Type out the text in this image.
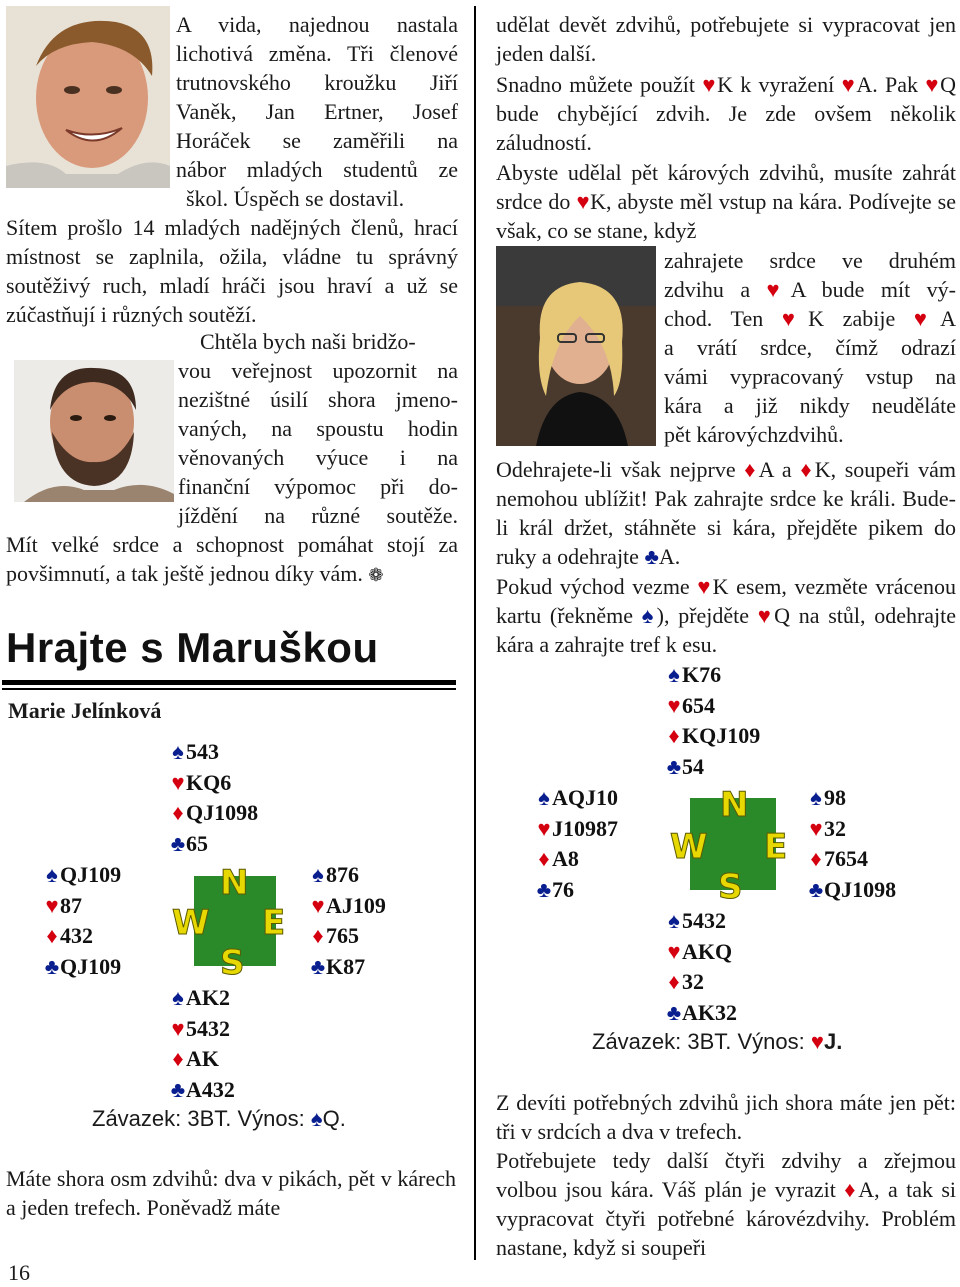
A vida, najednou nastala
lichotivá změna. Tři členové
trutnovského kroužku Jiří
Vaněk, Jan Ertner, Josef
Horáček se zaměřili na
nábor mladých studentů ze
škol. Úspěch se dostavil.

Sítem prošlo 14 mladých nadějných členů, hrací místnost se zaplnila, ožila, vládne tu správný soutěživý ruch, mladí hráči jsou hraví a už se zúčastňují i různých soutěží.

Chtěla bych naši bridžo-
vou veřejnost upozornit na
nezištné úsilí shora jmeno-
vaných, na spoustu hodin
věnovaných výuce i na
finanční výpomoc při do-
jíždění na různé soutěže.

Mít velké srdce a schopnost pomáhat stojí za povšimnutí, a tak ještě jednou díky vám. ❁

Hrajte s Maruškou
Marie Jelínková
♠543
♥KQ6
♦ QJ1098
♣65
♠QJ109
♥87
♦ 432
♣QJ109
♠876
♥AJ109
♦ 765
♣K87
♠AK2
♥5432
♦ AK
♣A432
N
W E
S
Závazek: 3BT. Výnos: ♠Q.

Máte shora osm zdvihů: dva v pikách, pět v kárech a jeden trefech. Poněvadž máte

16

udělat devět zdvihů, potřebujete si vypracovat jen jeden další.

Snadno můžete použít ♥K k vyražení ♥A. Pak ♥Q bude chybějící zdvih. Je zde ovšem několik záludností.

Abyste udělal pět kárových zdvihů, musíte zahrát srdce do ♥K, abyste měl vstup na kára. Podívejte se však, co se stane, když

zahrajete srdce ve druhém
zdvihu a ♥A bude mít vý-
chod. Ten ♥K zabije ♥A
a vrátí srdce, čímž odrazí
vámi vypracovaný vstup na
kára a již nikdy neuděláte
pět károvýchzdvihů.

Odehrajete-li však nejprve ♦A a ♦K, soupeři vám nemohou ublížit! Pak zahrajte srdce ke králi. Bude-li král držet, stáhněte si kára, přejděte pikem do ruky a odehrajte ♣A.

Pokud východ vezme ♥K esem, vezměte vrácenou kartu (řekněme ♠), přejděte ♥Q na stůl, odehrajte kára a zahrajte tref k esu.

Z devíti potřebných zdvihů jich shora máte jen pět: tři v srdcích a dva v trefech.

Potřebujete tedy další čtyři zdvihy a zřejmou volbou jsou kára. Váš plán je vyrazit ♦A, a tak si vypracovat čtyři potřebné károvézdvihy. Problém nastane, když si soupeři

♠K76
♥654
♦ KQJ109
♣54
♠AQJ10
♥J10987
♦ A8
♣76
♠98
♥32
♦ 7654
♣QJ1098
♠5432
♥AKQ
♦ 32
♣AK32
N
W E
S
Závazek: 3BT. Výnos: ♥J.
